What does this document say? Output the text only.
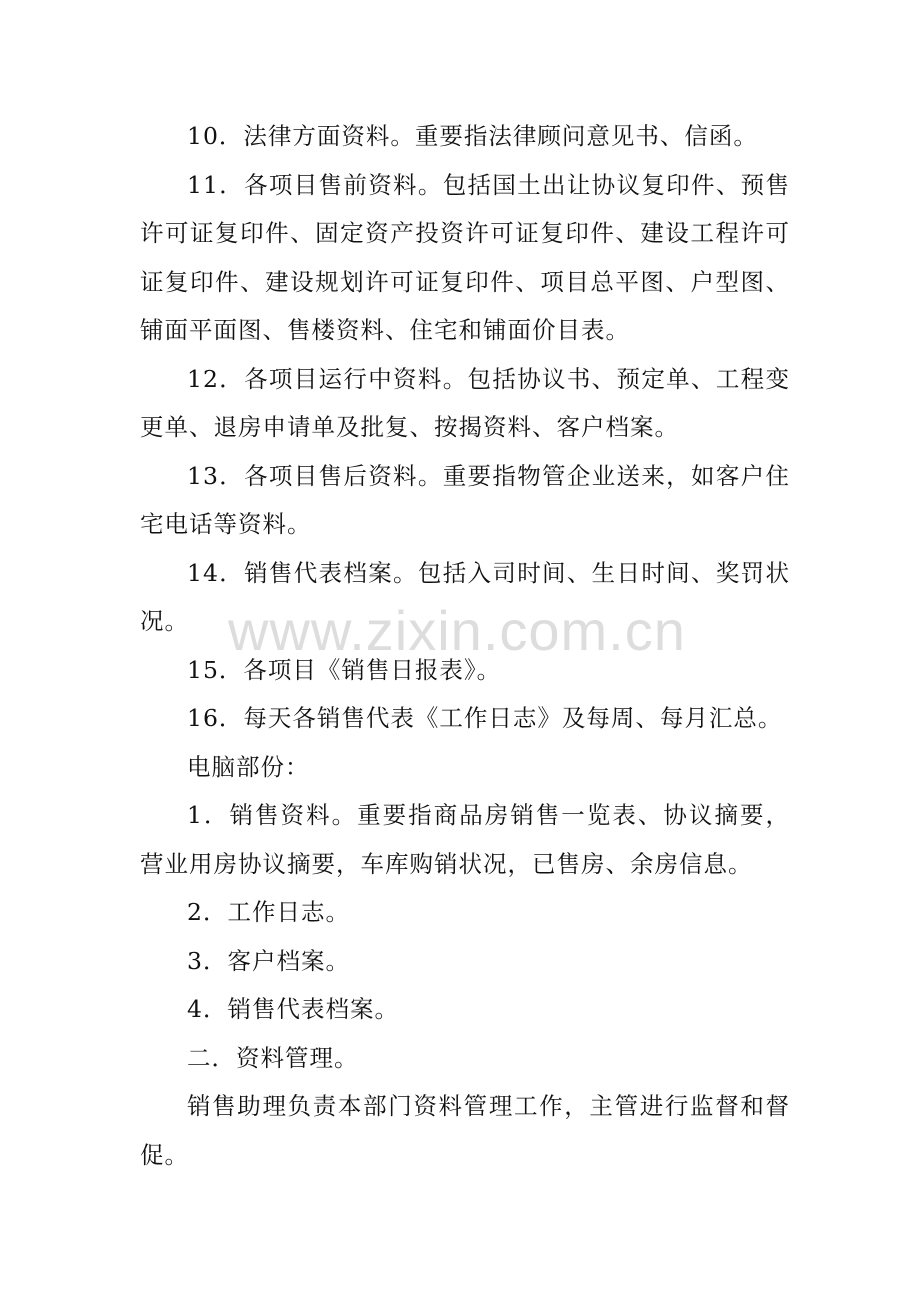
10．法律方面资料。重要指法律顾问意见书、信函。

11．各项目售前资料。包括国土出让协议复印件、预售许可证复印件、固定资产投资许可证复印件、建设工程许可证复印件、建设规划许可证复印件、项目总平图、户型图、铺面平面图、售楼资料、住宅和铺面价目表。

12．各项目运行中资料。包括协议书、预定单、工程变更单、退房申请单及批复、按揭资料、客户档案。

13．各项目售后资料。重要指物管企业送来，如客户住宅电话等资料。

14．销售代表档案。包括入司时间、生日时间、奖罚状况。

15．各项目《销售日报表》。

16．每天各销售代表《工作日志》及每周、每月汇总。

电脑部份：

1．销售资料。重要指商品房销售一览表、协议摘要，营业用房协议摘要，车库购销状况，已售房、余房信息。

2．工作日志。

3．客户档案。

4．销售代表档案。

二．资料管理。

销售助理负责本部门资料管理工作，主管进行监督和督促。

www.zixin.com.cn
